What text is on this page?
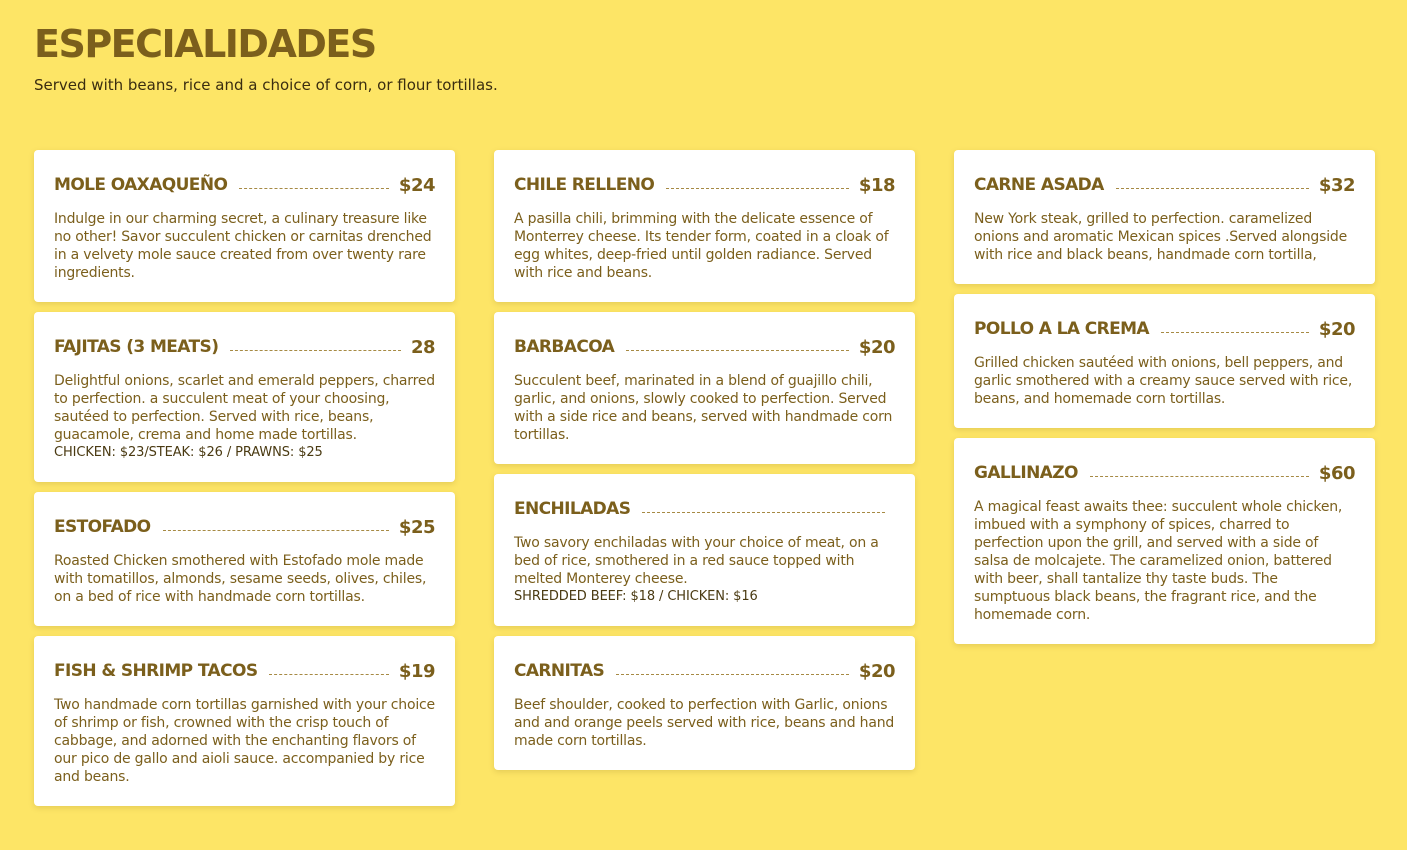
ESPECIALIDADES

Served with beans, rice and a choice of corn, or flour tortillas.

MOLE OAXAQUEÑO	$24
Indulge in our charming secret, a culinary treasure like no other! Savor succulent chicken or carnitas drenched in a velvety mole sauce created from over twenty rare ingredients.
FAJITAS (3 MEATS)	28
Delightful onions, scarlet and emerald peppers, charred to perfection. a succulent meat of your choosing, sautéed to perfection. Served with rice, beans, guacamole, crema and home made tortillas.
CHICKEN: $23/STEAK: $26 / PRAWNS: $25
ESTOFADO	$25
Roasted Chicken smothered with Estofado mole made with tomatillos, almonds, sesame seeds, olives, chiles, on a bed of rice with handmade corn tortillas.
FISH & SHRIMP TACOS	$19
Two handmade corn tortillas garnished with your choice of shrimp or fish, crowned with the crisp touch of cabbage, and adorned with the enchanting flavors of our pico de gallo and aioli sauce. accompanied by rice and beans.
CHILE RELLENO	$18
A pasilla chili, brimming with the delicate essence of Monterrey cheese. Its tender form, coated in a cloak of egg whites, deep-fried until golden radiance. Served with rice and beans.
BARBACOA	$20
Succulent beef, marinated in a blend of guajillo chili, garlic, and onions, slowly cooked to perfection. Served with a side rice and beans, served with handmade corn tortillas.
ENCHILADAS
Two savory enchiladas with your choice of meat, on a bed of rice, smothered in a red sauce topped with melted Monterey cheese.
SHREDDED BEEF: $18 / CHICKEN: $16
CARNITAS	$20
Beef shoulder, cooked to perfection with Garlic, onions and and orange peels served with rice, beans and hand made corn tortillas.
CARNE ASADA	$32
New York steak, grilled to perfection. caramelized onions and aromatic Mexican spices .Served alongside with rice and black beans, handmade corn tortilla,
POLLO A LA CREMA	$20
Grilled chicken sautéed with onions, bell peppers, and garlic smothered with a creamy sauce served with rice, beans, and homemade corn tortillas.
GALLINAZO	$60
A magical feast awaits thee: succulent whole chicken, imbued with a symphony of spices, charred to perfection upon the grill, and served with a side of salsa de molcajete. The caramelized onion, battered with beer, shall tantalize thy taste buds. The sumptuous black beans, the fragrant rice, and the homemade corn.
